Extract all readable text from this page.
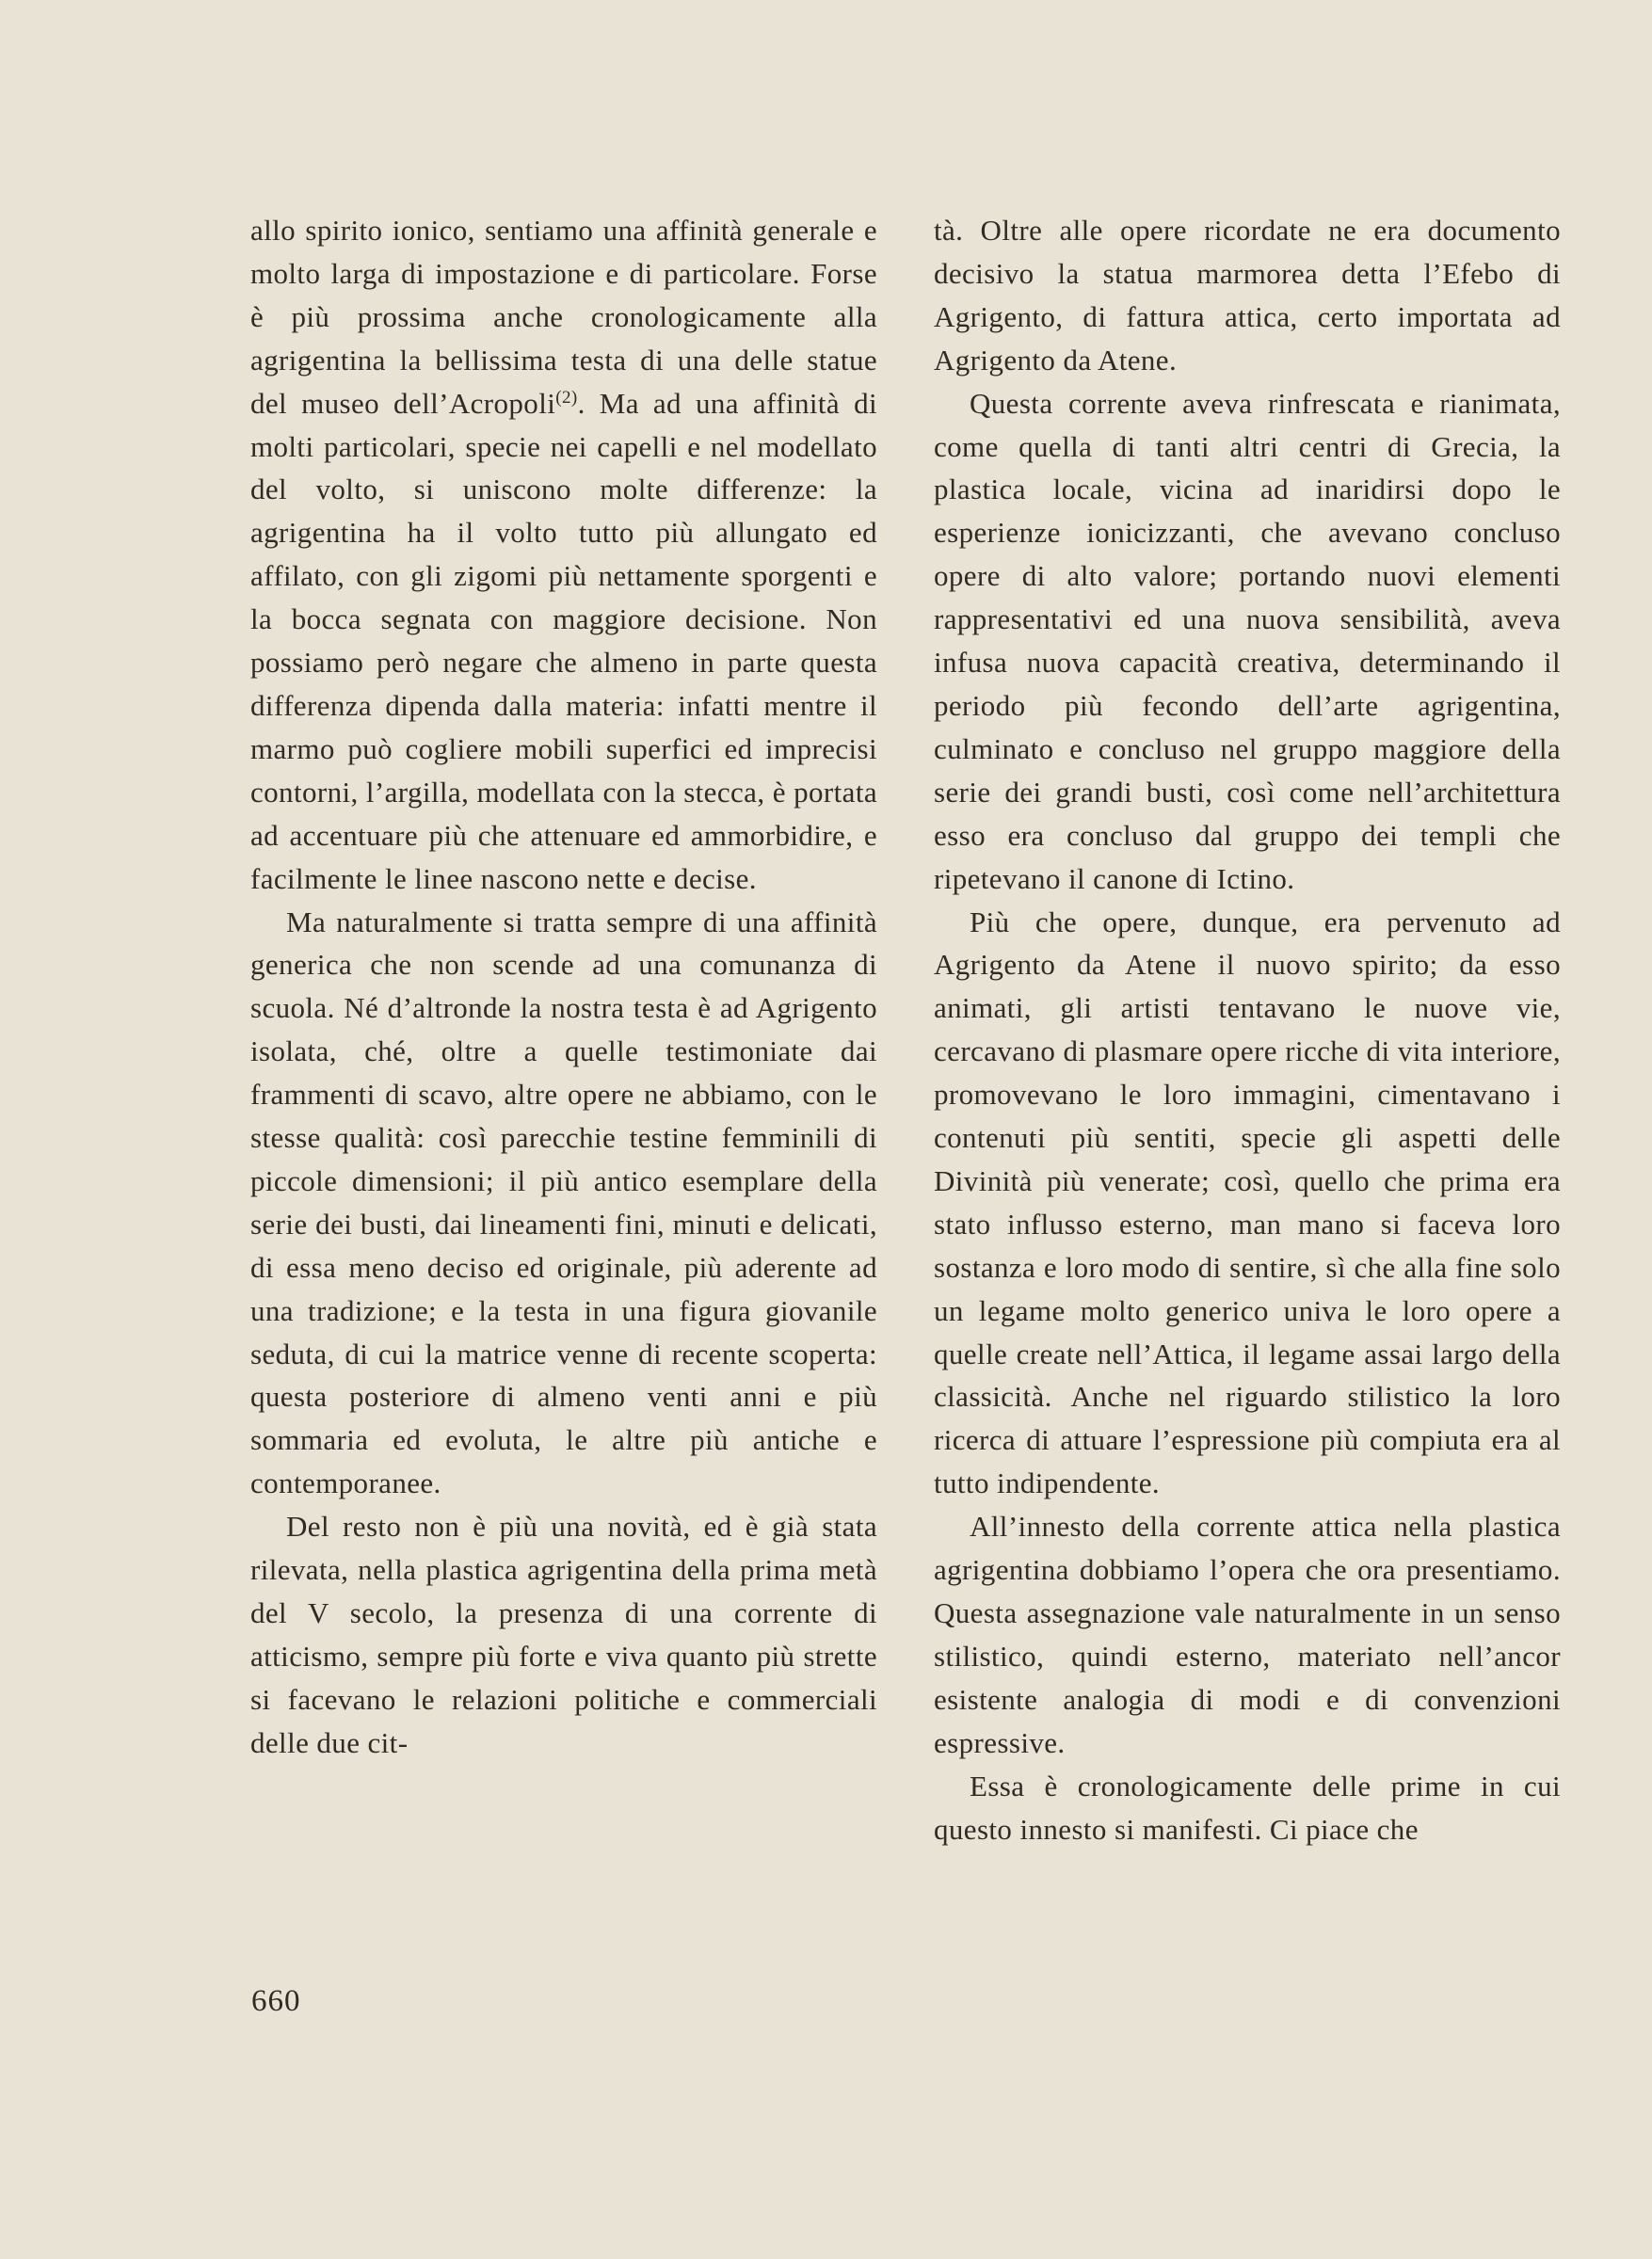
allo spirito ionico, sentiamo una affinità generale e molto larga di impostazione e di particolare. Forse è più prossima anche cronologicamente alla agrigentina la bellissima testa di una delle statue del museo dell’Acropoli$^{(2)}$. Ma ad una affinità di molti particolari, specie nei capelli e nel modellato del volto, si uniscono molte differenze: la agrigentina ha il volto tutto più allungato ed affilato, con gli zigomi più nettamente sporgenti e la bocca segnata con maggiore decisione. Non possiamo però negare che almeno in parte questa differenza dipenda dalla materia: infatti mentre il marmo può cogliere mobili superfici ed imprecisi contorni, l’argilla, modellata con la stecca, è portata ad accentuare più che attenuare ed ammorbidire, e facilmente le linee nascono nette e decise.

Ma naturalmente si tratta sempre di una affinità generica che non scende ad una comunanza di scuola. Né d’altronde la nostra testa è ad Agrigento isolata, ché, oltre a quelle testimoniate dai frammenti di scavo, altre opere ne abbiamo, con le stesse qualità: così parecchie testine femminili di piccole dimensioni; il più antico esemplare della serie dei busti, dai lineamenti fini, minuti e delicati, di essa meno deciso ed originale, più aderente ad una tradizione; e la testa in una figura giovanile seduta, di cui la matrice venne di recente scoperta: questa posteriore di almeno venti anni e più sommaria ed evoluta, le altre più antiche e contemporanee.

Del resto non è più una novità, ed è già stata rilevata, nella plastica agrigentina della prima metà del V secolo, la presenza di una corrente di atticismo, sempre più forte e viva quanto più strette si facevano le relazioni politiche e commerciali delle due cit-

tà. Oltre alle opere ricordate ne era documento decisivo la statua marmorea detta l’Efebo di Agrigento, di fattura attica, certo importata ad Agrigento da Atene.

Questa corrente aveva rinfrescata e rianimata, come quella di tanti altri centri di Grecia, la plastica locale, vicina ad inaridirsi dopo le esperienze ionicizzanti, che avevano concluso opere di alto valore; portando nuovi elementi rappresentativi ed una nuova sensibilità, aveva infusa nuova capacità creativa, determinando il periodo più fecondo dell’arte agrigentina, culminato e concluso nel gruppo maggiore della serie dei grandi busti, così come nell’architettura esso era concluso dal gruppo dei templi che ripetevano il canone di Ictino.

Più che opere, dunque, era pervenuto ad Agrigento da Atene il nuovo spirito; da esso animati, gli artisti tentavano le nuove vie, cercavano di plasmare opere ricche di vita interiore, promovevano le loro immagini, cimentavano i contenuti più sentiti, specie gli aspetti delle Divinità più venerate; così, quello che prima era stato influsso esterno, man mano si faceva loro sostanza e loro modo di sentire, sì che alla fine solo un legame molto generico univa le loro opere a quelle create nell’Attica, il legame assai largo della classicità. Anche nel riguardo stilistico la loro ricerca di attuare l’espressione più compiuta era al tutto indipendente.

All’innesto della corrente attica nella plastica agrigentina dobbiamo l’opera che ora presentiamo. Questa assegnazione vale naturalmente in un senso stilistico, quindi esterno, materiato nell’ancor esistente analogia di modi e di convenzioni espressive.

Essa è cronologicamente delle prime in cui questo innesto si manifesti. Ci piace che

660
